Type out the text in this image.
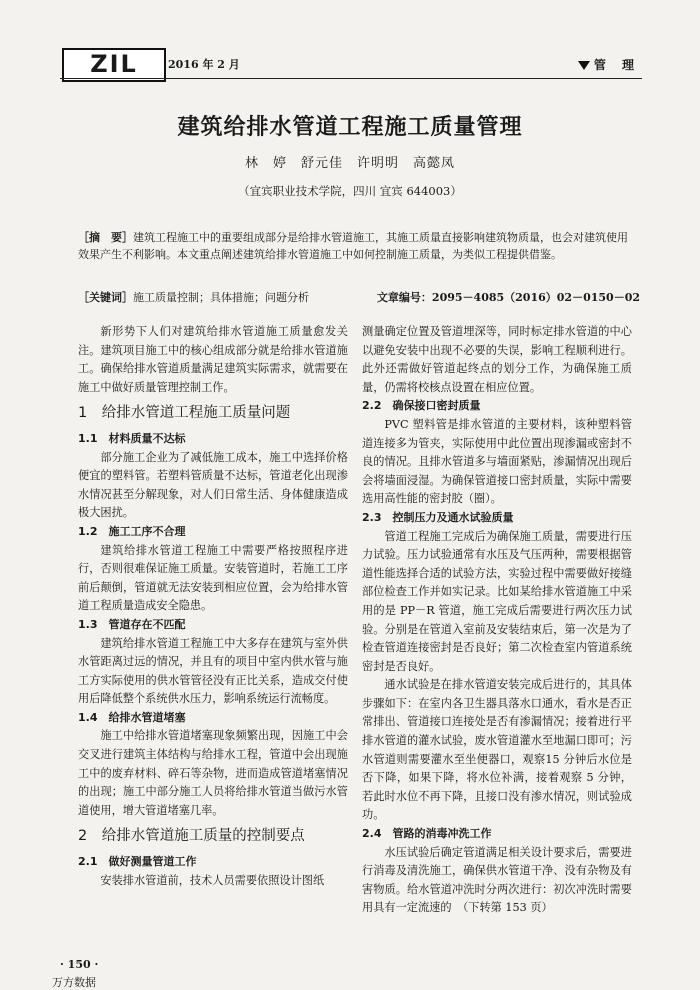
ZIL	2016 年 2 月	管 理
建筑给排水管道工程施工质量管理
林　婷　舒元佳　许明明　高懿凤
（宜宾职业技术学院，四川 宜宾 644003）
［摘　要］建筑工程施工中的重要组成部分是给排水管道施工，其施工质量直接影响建筑物质量，也会对建筑使用效果产生不利影响。本文重点阐述建筑给排水管道施工中如何控制施工质量，为类似工程提供借鉴。
［关键词］施工质量控制；具体措施；问题分析	文章编号：2095－4085（2016）02－0150－02

新形势下人们对建筑给排水管道施工质量愈发关注。建筑项目施工中的核心组成部分就是给排水管道施工。确保给排水管道质量满足建筑实际需求，就需要在施工中做好质量管理控制工作。

1　给排水管道工程施工质量问题
1.1　材料质量不达标

部分施工企业为了减低施工成本，施工中选择价格便宜的塑料管。若塑料管质量不达标，管道老化出现渗水情况甚至分解现象，对人们日常生活、身体健康造成极大困扰。

1.2　施工工序不合理

建筑给排水管道工程施工中需要严格按照程序进行，否则很难保证施工质量。安装管道时，若施工工序前后颠倒，管道就无法安装到相应位置，会为给排水管道工程质量造成安全隐患。

1.3　管道存在不匹配

建筑给排水管道工程施工中大多存在建筑与室外供水管距离过远的情况，并且有的项目中室内供水管与施工方实际使用的供水管管径没有正比关系，造成交付使用后降低整个系统供水压力，影响系统运行流畅度。

1.4　给排水管道堵塞

施工中给排水管道堵塞现象频繁出现，因施工中会交叉进行建筑主体结构与给排水工程，管道中会出现施工中的废弃材料、碎石等杂物，进而造成管道堵塞情况的出现；施工中部分施工人员将给排水管道当做污水管道使用，增大管道堵塞几率。

2　给排水管道施工质量的控制要点
2.1　做好测量管道工作

安装排水管道前，技术人员需要依照设计图纸

测量确定位置及管道埋深等，同时标定排水管道的中心以避免安装中出现不必要的失误，影响工程顺利进行。此外还需做好管道起终点的划分工作，为确保施工质量，仍需将校核点设置在相应位置。

2.2　确保接口密封质量

PVC 塑料管是排水管道的主要材料，该种塑料管道连接多为管夹，实际使用中此位置出现渗漏或密封不良的情况。且排水管道多与墙面紧贴，渗漏情况出现后会将墙面浸湿。为确保管道接口密封质量，实际中需要选用高性能的密封胶（圈）。

2.3　控制压力及通水试验质量

管道工程施工完成后为确保施工质量，需要进行压力试验。压力试验通常有水压及气压两种，需要根据管道性能选择合适的试验方法，实验过程中需要做好接缝部位检查工作并如实记录。比如某给排水管道施工中采用的是 PP－R 管道，施工完成后需要进行两次压力试验。分别是在管道入室前及安装结束后，第一次是为了检查管道连接密封是否良好；第二次检查室内管道系统密封是否良好。

通水试验是在排水管道安装完成后进行的，其具体步骤如下：在室内各卫生器具落水口通水，看水是否正常排出、管道接口连接处是否有渗漏情况；接着进行平排水管道的灌水试验，废水管道灌水至地漏口即可；污水管道则需要灌水至坐便器口，观察15 分钟后水位是否下降，如果下降，将水位补满，接着观察 5 分钟，若此时水位不再下降，且接口没有渗水情况，则试验成功。

2.4　管路的消毒冲洗工作

水压试验后确定管道满足相关设计要求后，需要进行消毒及清洗施工，确保供水管道干净、没有杂物及有害物质。给水管道冲洗时分两次进行：初次冲洗时需要用具有一定流速的　 （下转第 153 页）

· 150 ·
万方数据
